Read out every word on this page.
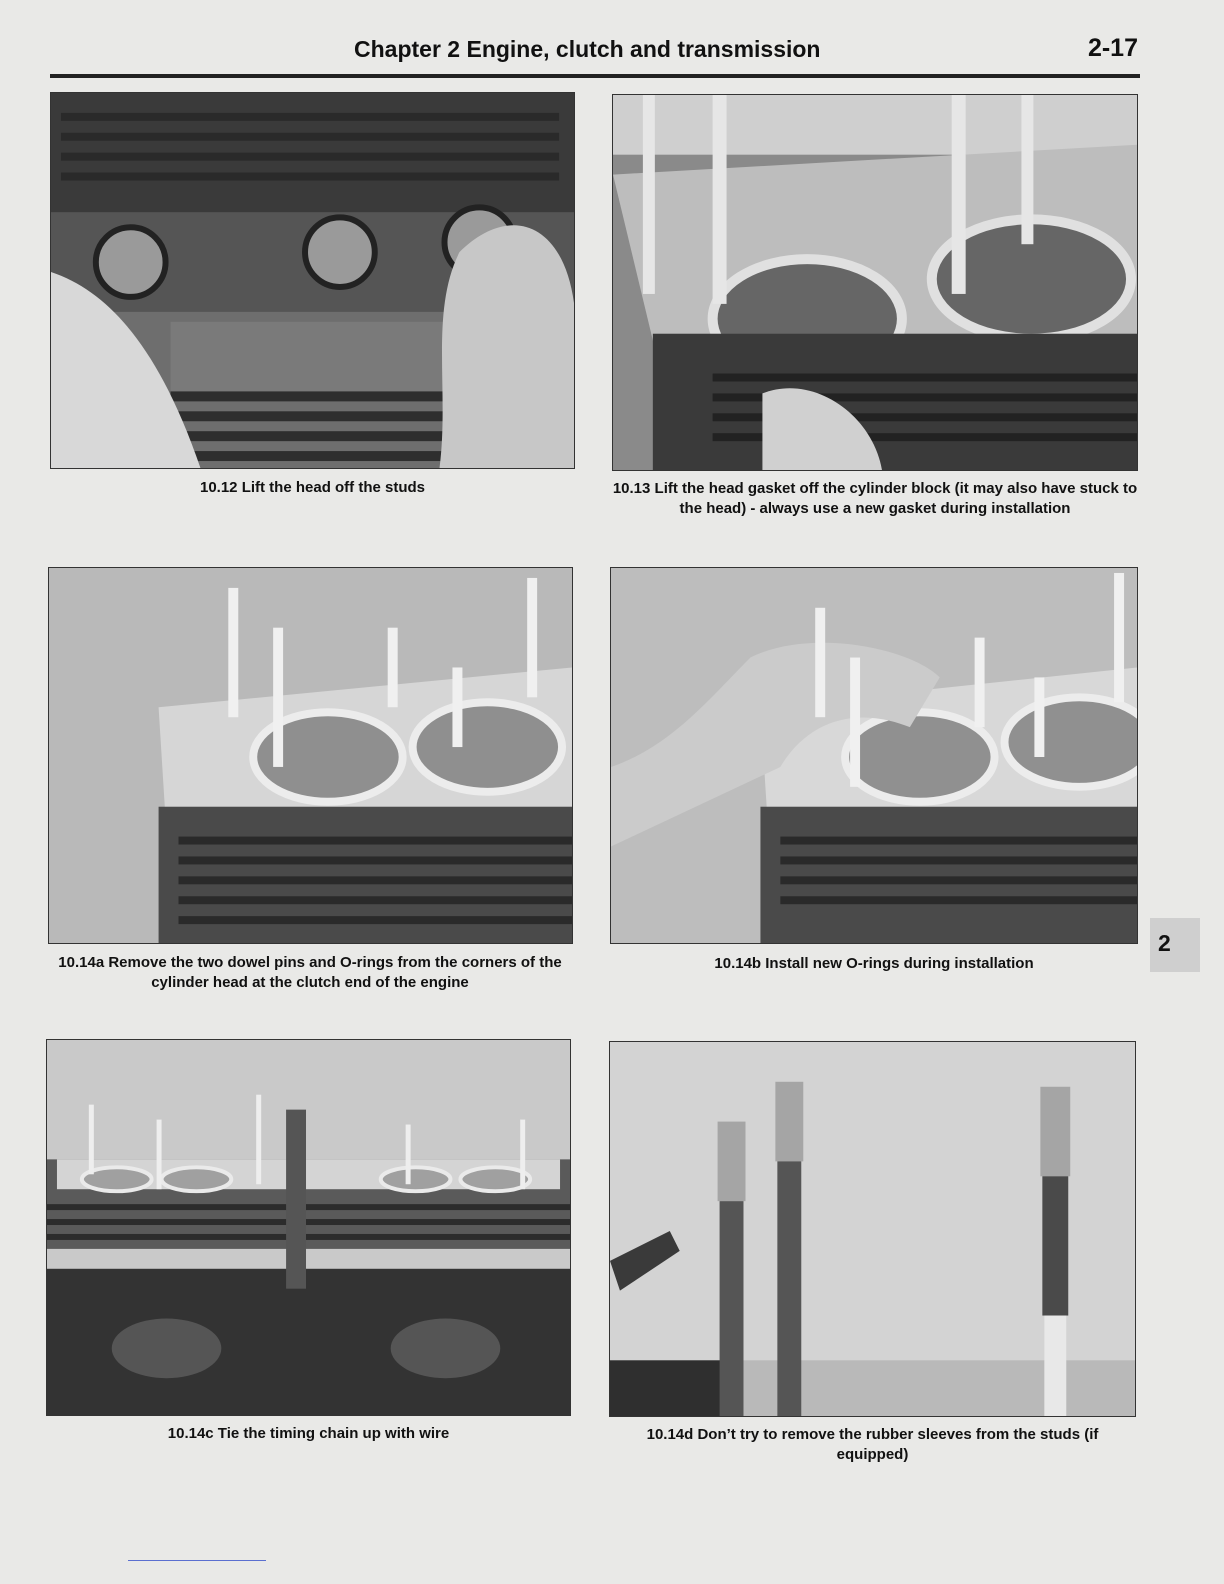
Chapter 2 Engine, clutch and transmission	2-17
10.12 Lift the head off the studs	10.13 Lift the head gasket off the cylinder block (it may also have stuck to the head) - always use a new gasket during installation
10.14a Remove the two dowel pins and O-rings from the corners of the cylinder head at the clutch end of the engine
10.14b Install new O-rings during installation
10.14c Tie the timing chain up with wire	10.14d Don’t try to remove the rubber sleeves from the studs (if equipped)
2
